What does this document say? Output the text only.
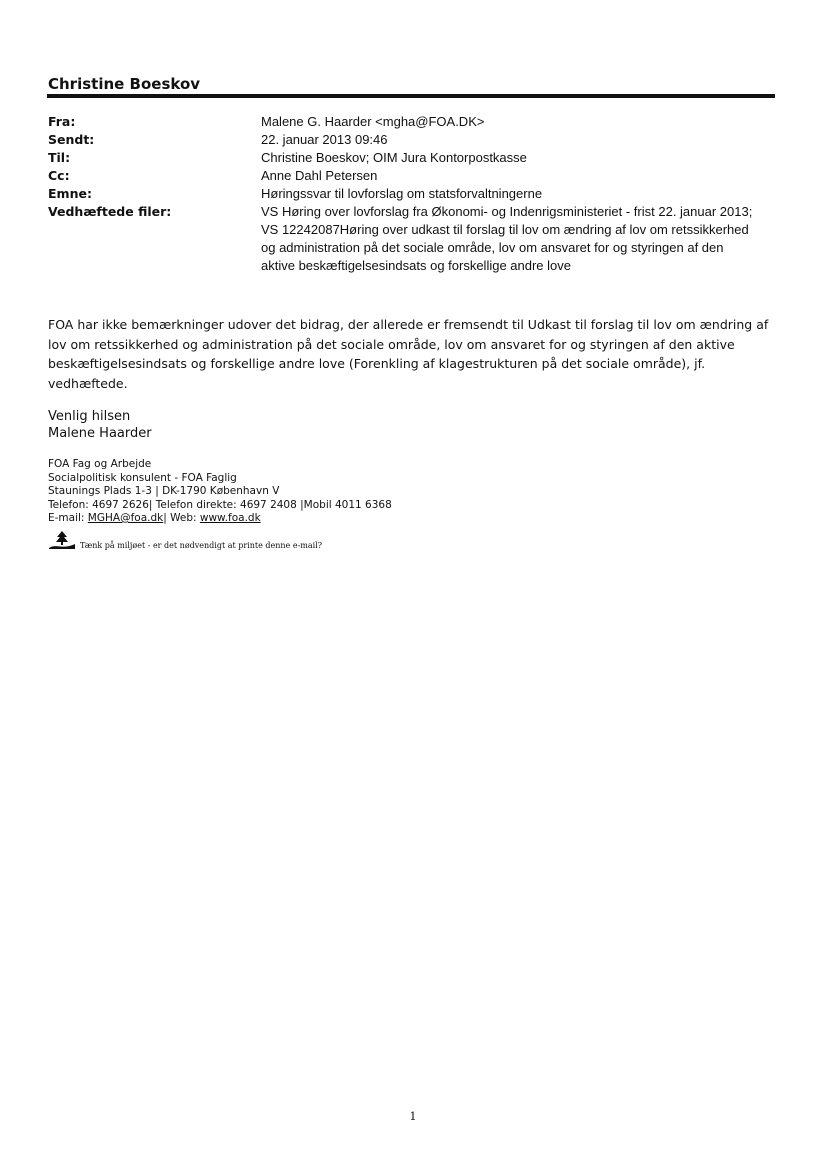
Christine Boeskov
Fra:	Malene G. Haarder <mgha@FOA.DK>
Sendt:	22. januar 2013 09:46
Til:	Christine Boeskov; OIM Jura Kontorpostkasse
Cc:	Anne Dahl Petersen
Emne:	Høringssvar til lovforslag om statsforvaltningerne
Vedhæftede filer:	VS Høring over lovforslag fra Økonomi- og Indenrigsministeriet - frist 22. januar 2013; VS 12242087Høring over udkast til forslag til lov om ændring af lov om retssikkerhed og administration på det sociale område, lov om ansvaret for og styringen af den aktive beskæftigelsesindsats og forskellige andre love
FOA har ikke bemærkninger udover det bidrag, der allerede er fremsendt til Udkast til forslag til lov om ændring af lov om retssikkerhed og administration på det sociale område, lov om ansvaret for og styringen af den aktive beskæftigelsesindsats og forskellige andre love (Forenkling af klagestrukturen på det sociale område), jf. vedhæftede.
Venlig hilsen
Malene Haarder
FOA Fag og Arbejde
Socialpolitisk konsulent - FOA Faglig
Staunings Plads 1-3 | DK-1790 København V
Telefon: 4697 2626| Telefon direkte: 4697 2408 |Mobil 4011 6368
E-mail: MGHA@foa.dk| Web: www.foa.dk
Tænk på miljøet - er det nødvendigt at printe denne e-mail?
1
